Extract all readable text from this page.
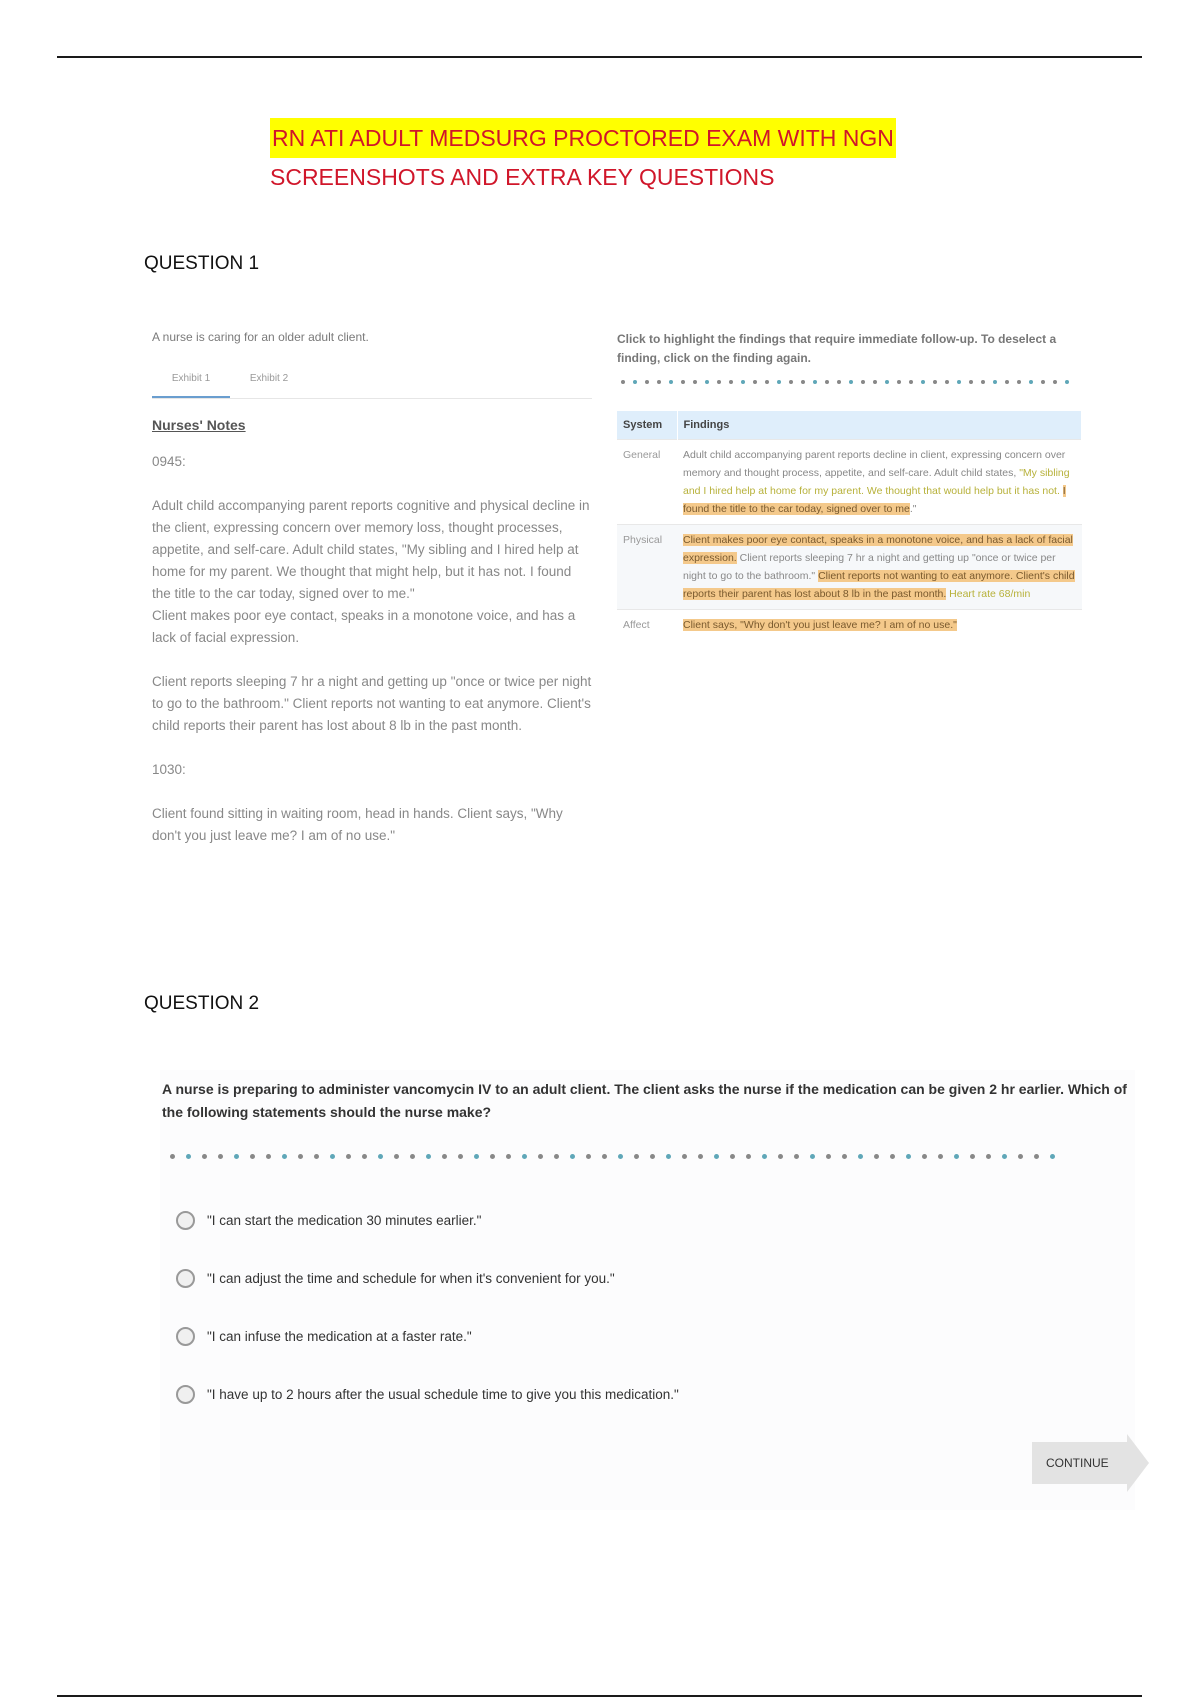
RN ATI ADULT MEDSURG PROCTORED EXAM WITH NGN
SCREENSHOTS AND EXTRA KEY QUESTIONS
QUESTION 1

A nurse is caring for an older adult client.

Exhibit 1	Exhibit 2
Nurses' Notes

0945:

Adult child accompanying parent reports cognitive and physical decline in the client, expressing concern over memory loss, thought processes, appetite, and self-care. Adult child states, "My sibling and I hired help at home for my parent. We thought that might help, but it has not. I found the title to the car today, signed over to me."

Client makes poor eye contact, speaks in a monotone voice, and has a lack of facial expression.

Client reports sleeping 7 hr a night and getting up "once or twice per night to go to the bathroom." Client reports not wanting to eat anymore. Client's child reports their parent has lost about 8 lb in the past month.

1030:

Client found sitting in waiting room, head in hands. Client says, "Why don't you just leave me? I am of no use."

Click to highlight the findings that require immediate follow-up. To deselect a finding, click on the finding again.

System	Findings
General	Adult child accompanying parent reports decline in client, expressing concern over memory and thought process, appetite, and self-care. Adult child states, "My sibling and I hired help at home for my parent. We thought that would help but it has not. I found the title to the car today, signed over to me."
Physical	Client makes poor eye contact, speaks in a monotone voice, and has a lack of facial expression. Client reports sleeping 7 hr a night and getting up "once or twice per night to go to the bathroom." Client reports not wanting to eat anymore. Client's child reports their parent has lost about 8 lb in the past month. Heart rate 68/min
Affect	Client says, "Why don't you just leave me? I am of no use."
QUESTION 2

A nurse is preparing to administer vancomycin IV to an adult client. The client asks the nurse if the medication can be given 2 hr earlier. Which of the following statements should the nurse make?

"I can start the medication 30 minutes earlier."
"I can adjust the time and schedule for when it's convenient for you."
"I can infuse the medication at a faster rate."
"I have up to 2 hours after the usual schedule time to give you this medication."
CONTINUE
